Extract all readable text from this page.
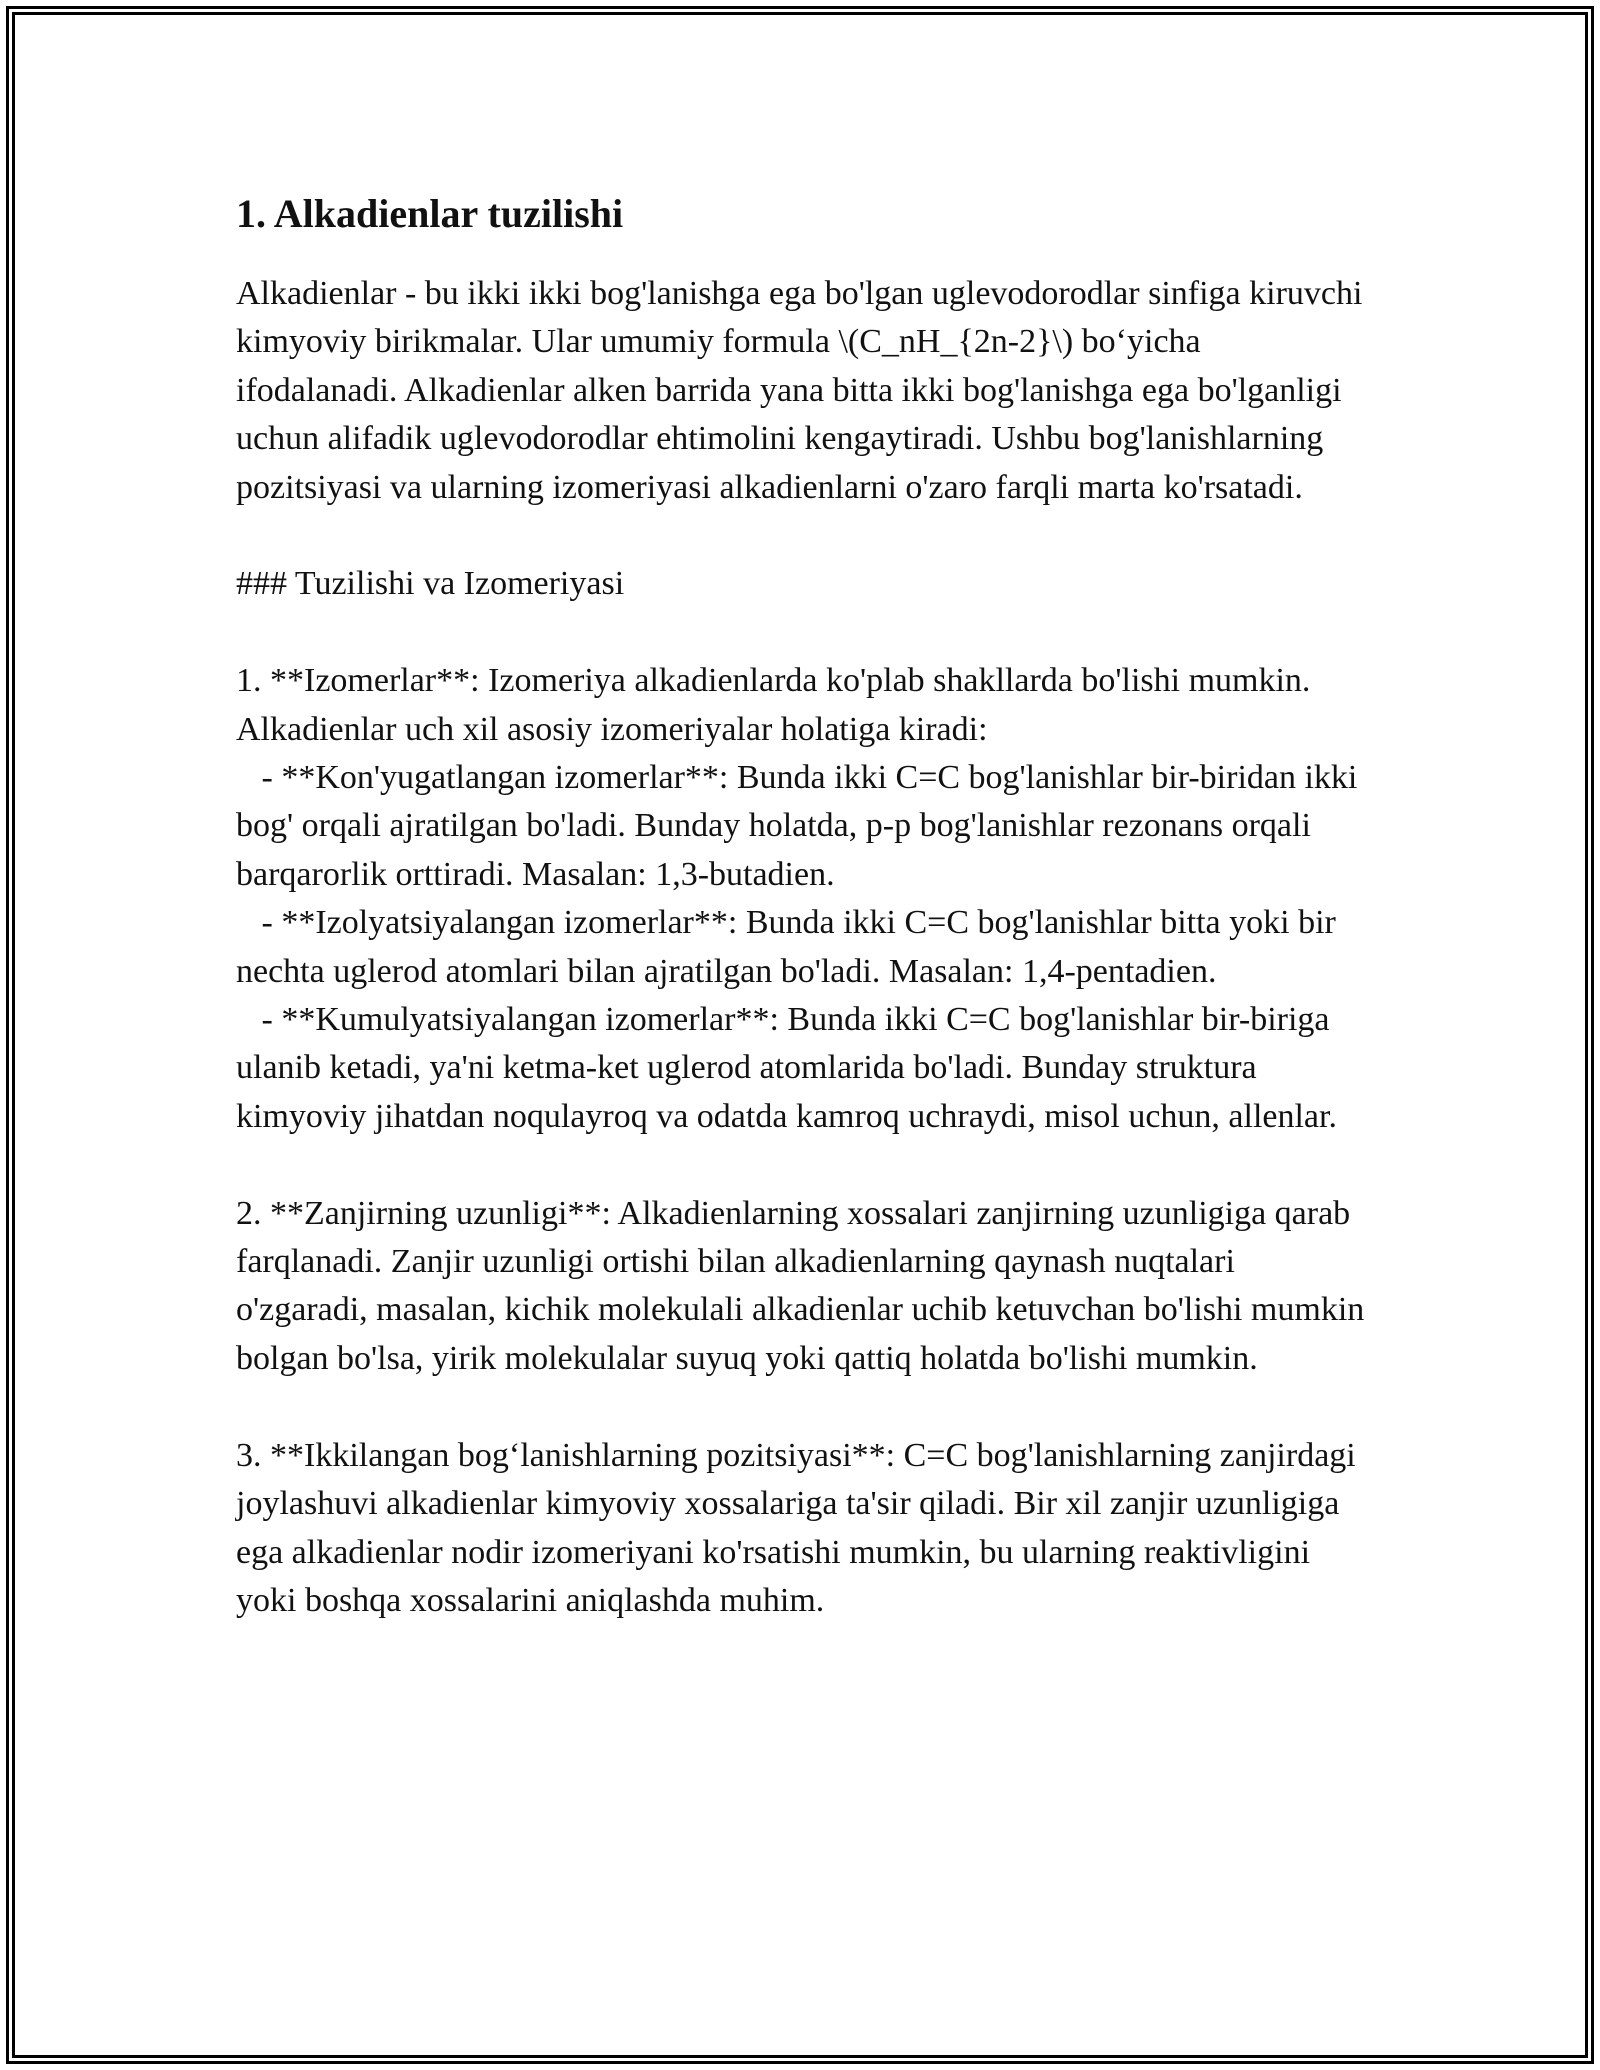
1. Alkadienlar tuzilishi

Alkadienlar - bu ikki ikki bog'lanishga ega bo'lgan uglevodorodlar sinfiga kiruvchi kimyoviy birikmalar. Ular umumiy formula \(C_nH_{2n-2}\) bo‘yicha ifodalanadi. Alkadienlar alken barrida yana bitta ikki bog'lanishga ega bo'lganligi uchun alifadik uglevodorodlar ehtimolini kengaytiradi. Ushbu bog'lanishlarning pozitsiyasi va ularning izomeriyasi alkadienlarni o'zaro farqli marta ko'rsatadi.

### Tuzilishi va Izomeriyasi

1. **Izomerlar**: Izomeriya alkadienlarda ko'plab shakllarda bo'lishi mumkin. Alkadienlar uch xil asosiy izomeriyalar holatiga kiradi:

- **Kon'yugatlangan izomerlar**: Bunda ikki C=C bog'lanishlar bir-biridan ikki bog' orqali ajratilgan bo'ladi. Bunday holatda, p-p bog'lanishlar rezonans orqali barqarorlik orttiradi. Masalan: 1,3-butadien.

- **Izolyatsiyalangan izomerlar**: Bunda ikki C=C bog'lanishlar bitta yoki bir nechta uglerod atomlari bilan ajratilgan bo'ladi. Masalan: 1,4-pentadien.

- **Kumulyatsiyalangan izomerlar**: Bunda ikki C=C bog'lanishlar bir-biriga ulanib ketadi, ya'ni ketma-ket uglerod atomlarida bo'ladi. Bunday struktura kimyoviy jihatdan noqulayroq va odatda kamroq uchraydi, misol uchun, allenlar.

2. **Zanjirning uzunligi**: Alkadienlarning xossalari zanjirning uzunligiga qarab farqlanadi. Zanjir uzunligi ortishi bilan alkadienlarning qaynash nuqtalari o'zgaradi, masalan, kichik molekulali alkadienlar uchib ketuvchan bo'lishi mumkin bolgan bo'lsa, yirik molekulalar suyuq yoki qattiq holatda bo'lishi mumkin.

3. **Ikkilangan bog‘lanishlarning pozitsiyasi**: C=C bog'lanishlarning zanjirdagi joylashuvi alkadienlar kimyoviy xossalariga ta'sir qiladi. Bir xil zanjir uzunligiga ega alkadienlar nodir izomeriyani ko'rsatishi mumkin, bu ularning reaktivligini yoki boshqa xossalarini aniqlashda muhim.
